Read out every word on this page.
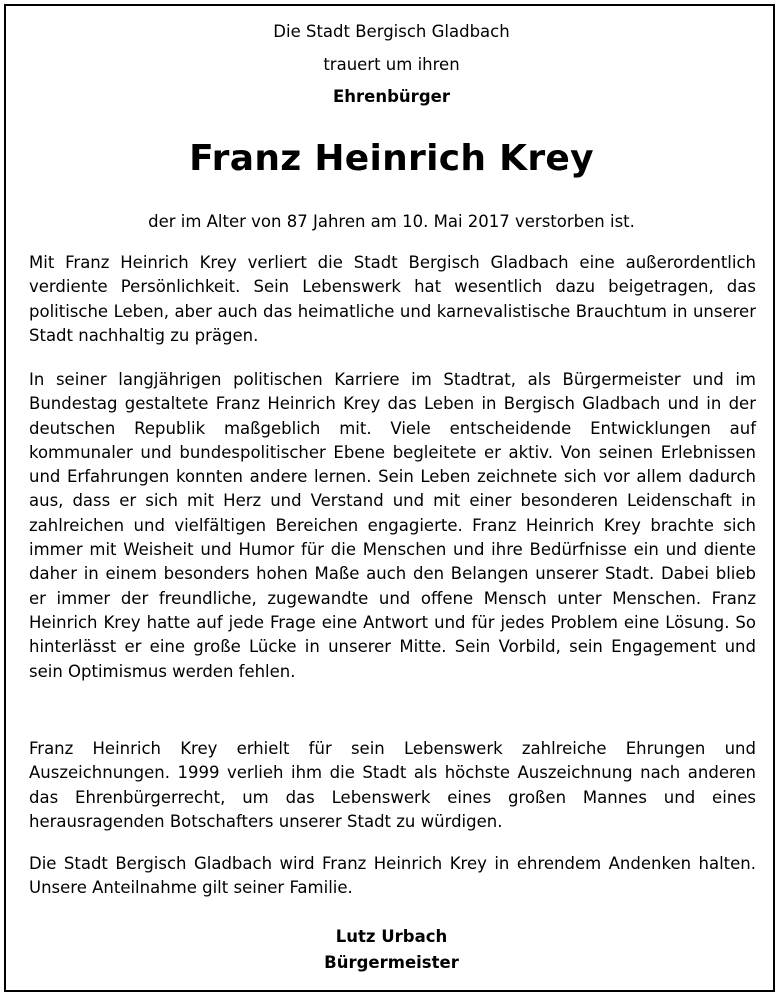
Die Stadt Bergisch Gladbach
trauert um ihren
Ehrenbürger
Franz Heinrich Krey
der im Alter von 87 Jahren am 10. Mai 2017 verstorben ist.

Mit Franz Heinrich Krey verliert die Stadt Bergisch Gladbach eine außerordentlich verdiente Persönlichkeit. Sein Lebenswerk hat wesentlich dazu beigetragen, das politische Leben, aber auch das heimatliche und karnevalistische Brauchtum in unserer Stadt nachhaltig zu prägen.

In seiner langjährigen politischen Karriere im Stadtrat, als Bürgermeister und im Bundestag gestaltete Franz Heinrich Krey das Leben in Bergisch Gladbach und in der deutschen Republik maßgeblich mit. Viele entscheidende Entwicklungen auf kommunaler und bundespolitischer Ebene begleitete er aktiv. Von seinen Erlebnissen und Erfahrungen konnten andere lernen. Sein Leben zeichnete sich vor allem dadurch aus, dass er sich mit Herz und Verstand und mit einer besonderen Leidenschaft in zahlreichen und vielfältigen Bereichen engagierte. Franz Heinrich Krey brachte sich immer mit Weisheit und Humor für die Menschen und ihre Bedürfnisse ein und diente daher in einem besonders hohen Maße auch den Belangen unserer Stadt. Dabei blieb er immer der freundliche, zugewandte und offene Mensch unter Menschen. Franz Heinrich Krey hatte auf jede Frage eine Antwort und für jedes Problem eine Lösung. So hinterlässt er eine große Lücke in unserer Mitte. Sein Vorbild, sein Engagement und sein Optimismus werden fehlen.

Franz Heinrich Krey erhielt für sein Lebenswerk zahlreiche Ehrungen und Auszeichnungen. 1999 verlieh ihm die Stadt als höchste Auszeichnung nach anderen das Ehrenbürgerrecht, um das Lebenswerk eines großen Mannes und eines herausragenden Botschafters unserer Stadt zu würdigen.

Die Stadt Bergisch Gladbach wird Franz Heinrich Krey in ehrendem Andenken halten. Unsere Anteilnahme gilt seiner Familie.

Lutz Urbach
Bürgermeister
